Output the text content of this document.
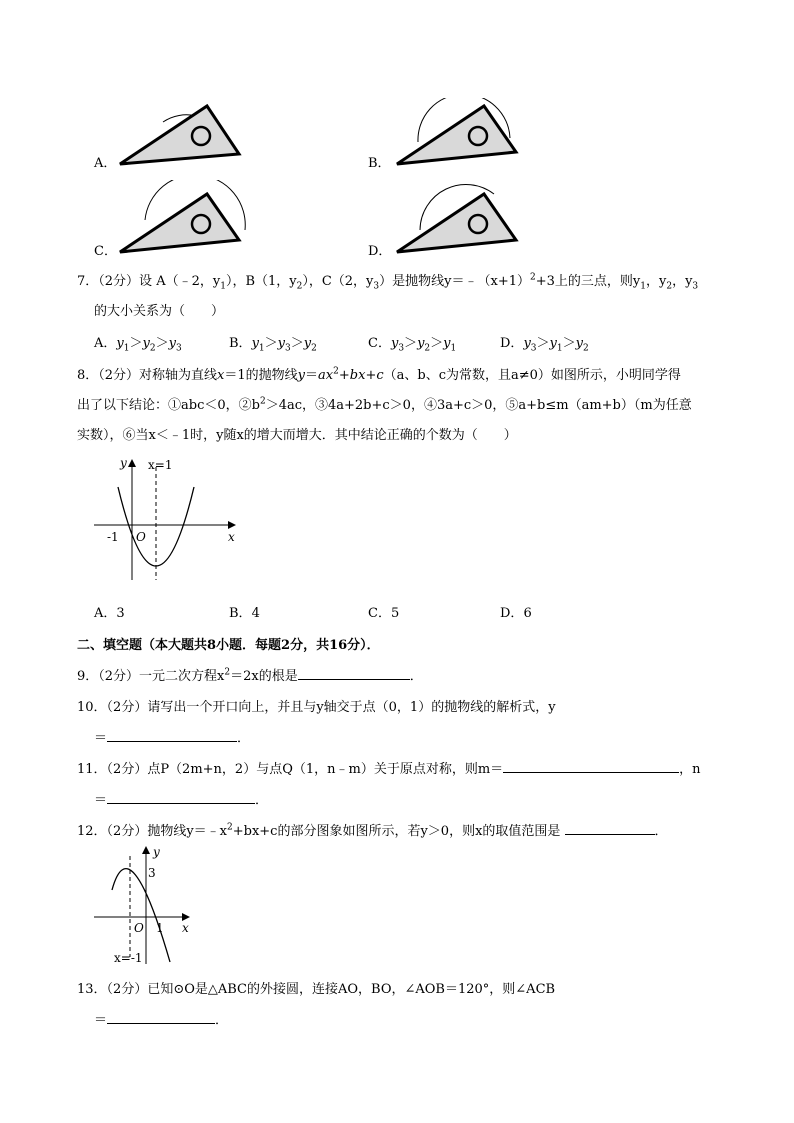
A．	B．
C．	D．
7．（2分）设 A（﹣2，$y_1$），B（1，$y_2$），C（2，$y_3$）是抛物线$y=﹣(x+1)^2+3$上的三点，则$y_1$，$y_2$，$y_3$
的大小关系为（　　）
A．$y_1>y_2>y_3$	B．$y_1>y_3>y_2$	C．$y_3>y_2>y_1$	D．$y_3>y_1>y_2$
8．（2分）对称轴为直线x＝1的抛物线$y=ax^2+bx+c(a$、b、c为常数，且a≠0）如图所示，小明同学得
出了以下结论：①abc＜0，$②b^2>4ac$，③4a+2b+c＞0，④3a+c＞0，⑤a+b≤m（am+b）（m为任意
实数），⑥当x＜﹣1时，y随x的增大而增大．其中结论正确的个数为（　　）
y x=1
x
-1 O
A．3	B．4	C．5	D．6
二、填空题（本大题共8小题．每题2分，共16分）．
9．（2分）一元二次方程$x^2=2x$的根是	．
10．（2分）请写出一个开口向上，并且与y轴交于点（0，1）的抛物线的解析式，y
＝	．
11．（2分）点P（2m+n，2）与点Q（1，n﹣m）关于原点对称，则m＝	，n
＝	．
12．（2分）抛物线$y=﹣x^2+bx+c$的部分图象如图所示，若y＞0，则x的取值范围是	．
y
3
O 1 x
x=-1
13．（2分）已知⊙O是△ABC的外接圆，连接AO，BO，∠AOB＝120°，则∠ACB
＝	．
